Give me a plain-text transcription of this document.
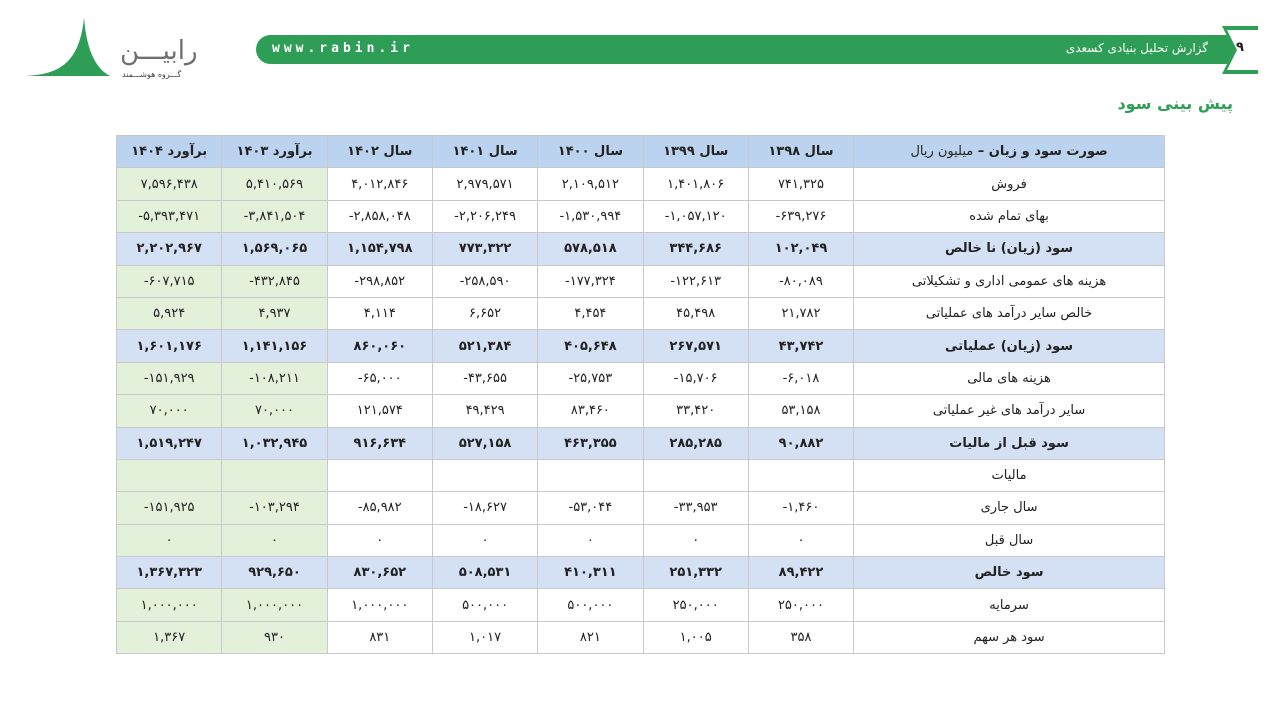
رابیـــن
گـــروه هوشـــمند
www.rabin.ir	گزارش تحلیل بنیادی کسعدی	۹
پیش بینی سود
صورت سود و زیان – میلیون ریال	سال ۱۳۹۸	سال ۱۳۹۹	سال ۱۴۰۰	سال ۱۴۰۱	سال ۱۴۰۲	برآورد ۱۴۰۳	برآورد ۱۴۰۴
فروش	۷۴۱,۳۲۵	۱,۴۰۱,۸۰۶	۲,۱۰۹,۵۱۲	۲,۹۷۹,۵۷۱	۴,۰۱۲,۸۴۶	۵,۴۱۰,۵۶۹	۷,۵۹۶,۴۳۸
بهای تمام شده	-۶۳۹,۲۷۶	-۱,۰۵۷,۱۲۰	-۱,۵۳۰,۹۹۴	-۲,۲۰۶,۲۴۹	-۲,۸۵۸,۰۴۸	-۳,۸۴۱,۵۰۴	-۵,۳۹۳,۴۷۱
سود (زیان) نا خالص	۱۰۲,۰۴۹	۳۴۴,۶۸۶	۵۷۸,۵۱۸	۷۷۳,۳۲۲	۱,۱۵۴,۷۹۸	۱,۵۶۹,۰۶۵	۲,۲۰۲,۹۶۷
هزینه های عمومی اداری و تشکیلاتی	-۸۰,۰۸۹	-۱۲۲,۶۱۳	-۱۷۷,۳۲۴	-۲۵۸,۵۹۰	-۲۹۸,۸۵۲	-۴۳۲,۸۴۵	-۶۰۷,۷۱۵
خالص سایر درآمد های عملیاتی	۲۱,۷۸۲	۴۵,۴۹۸	۴,۴۵۴	۶,۶۵۲	۴,۱۱۴	۴,۹۳۷	۵,۹۲۴
سود (زیان) عملیاتی	۴۳,۷۴۲	۲۶۷,۵۷۱	۴۰۵,۶۴۸	۵۲۱,۳۸۴	۸۶۰,۰۶۰	۱,۱۴۱,۱۵۶	۱,۶۰۱,۱۷۶
هزینه های مالی	-۶,۰۱۸	-۱۵,۷۰۶	-۲۵,۷۵۳	-۴۳,۶۵۵	-۶۵,۰۰۰	-۱۰۸,۲۱۱	-۱۵۱,۹۲۹
سایر درآمد های غیر عملیاتی	۵۳,۱۵۸	۳۳,۴۲۰	۸۳,۴۶۰	۴۹,۴۲۹	۱۲۱,۵۷۴	۷۰,۰۰۰	۷۰,۰۰۰
سود قبل از مالیات	۹۰,۸۸۲	۲۸۵,۲۸۵	۴۶۳,۳۵۵	۵۲۷,۱۵۸	۹۱۶,۶۳۴	۱,۰۳۲,۹۴۵	۱,۵۱۹,۲۴۷
مالیات							
سال جاری	-۱,۴۶۰	-۳۳,۹۵۳	-۵۳,۰۴۴	-۱۸,۶۲۷	-۸۵,۹۸۲	-۱۰۳,۲۹۴	-۱۵۱,۹۲۵
سال قبل	۰	۰	۰	۰	۰	۰	۰
سود خالص	۸۹,۴۲۲	۲۵۱,۳۳۲	۴۱۰,۳۱۱	۵۰۸,۵۳۱	۸۳۰,۶۵۲	۹۲۹,۶۵۰	۱,۳۶۷,۳۲۳
سرمایه	۲۵۰,۰۰۰	۲۵۰,۰۰۰	۵۰۰,۰۰۰	۵۰۰,۰۰۰	۱,۰۰۰,۰۰۰	۱,۰۰۰,۰۰۰	۱,۰۰۰,۰۰۰
سود هر سهم	۳۵۸	۱,۰۰۵	۸۲۱	۱,۰۱۷	۸۳۱	۹۳۰	۱,۳۶۷
